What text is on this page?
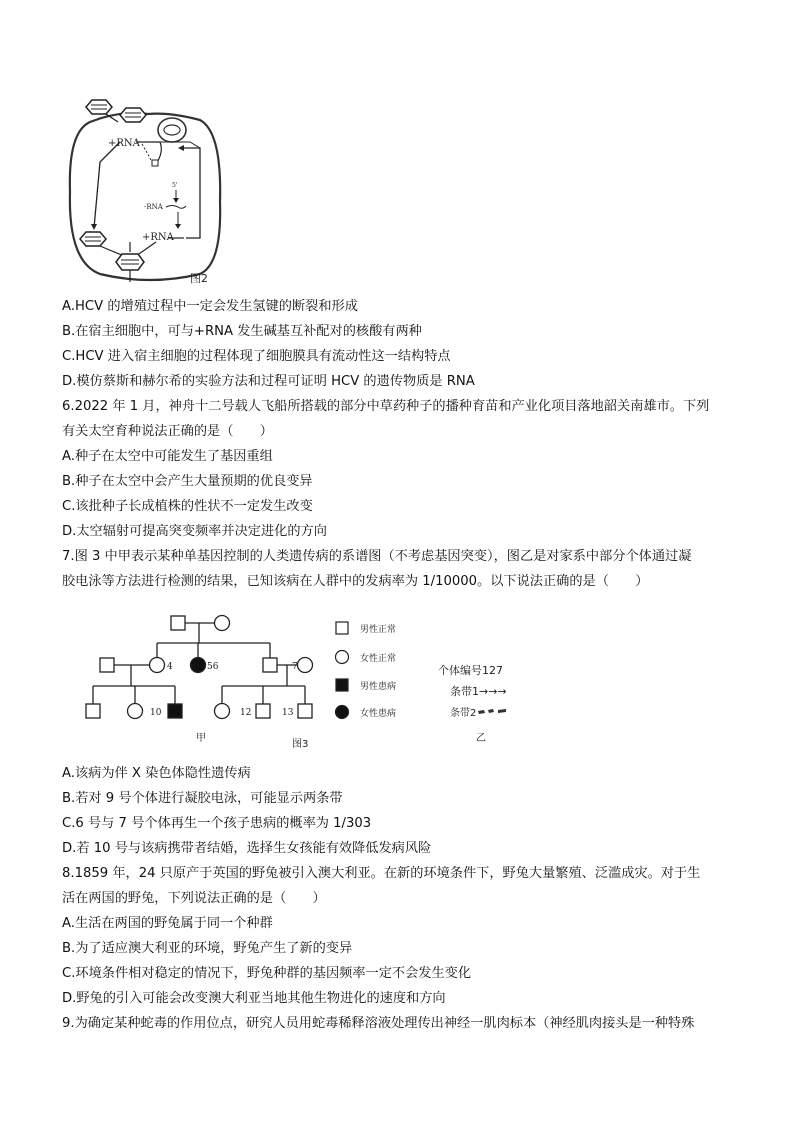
+RNA
5'
-RNA
+RNA
图2
A.HCV 的增殖过程中一定会发生氢键的断裂和形成
B.在宿主细胞中，可与+RNA 发生碱基互补配对的核酸有两种
C.HCV 进入宿主细胞的过程体现了细胞膜具有流动性这一结构特点
D.模仿蔡斯和赫尔希的实验方法和过程可证明 HCV 的遗传物质是 RNA
6.2022 年 1 月，神舟十二号载人飞船所搭载的部分中草药种子的播种育苗和产业化项目落地韶关南雄市。下列
有关太空育种说法正确的是（　　）
A.种子在太空中可能发生了基因重组
B.种子在太空中会产生大量预期的优良变异
C.该批种子长成植株的性状不一定发生改变
D.太空辐射可提高突变频率并决定进化的方向
7.图 3 中甲表示某种单基因控制的人类遗传病的系谱图（不考虑基因突变），图乙是对家系中部分个体通过凝
胶电泳等方法进行检测的结果，已知该病在人群中的发病率为 1/10000。以下说法正确的是（　　）
4	56	7
10	12	13
男性正常
女性正常
男性患病
女性患病
个体编号127
条带1→→→
条带2
甲
图3
乙
A.该病为伴 X 染色体隐性遗传病
B.若对 9 号个体进行凝胶电泳，可能显示两条带
C.6 号与 7 号个体再生一个孩子患病的概率为 1/303
D.若 10 号与该病携带者结婚，选择生女孩能有效降低发病风险
8.1859 年，24 只原产于英国的野兔被引入澳大利亚。在新的环境条件下，野兔大量繁殖、泛滥成灾。对于生
活在两国的野兔，下列说法正确的是（　　）
A.生活在两国的野兔属于同一个种群
B.为了适应澳大利亚的环境，野兔产生了新的变异
C.环境条件相对稳定的情况下，野兔种群的基因频率一定不会发生变化
D.野兔的引入可能会改变澳大利亚当地其他生物进化的速度和方向
9.为确定某种蛇毒的作用位点，研究人员用蛇毒稀释溶液处理传出神经一肌肉标本（神经肌肉接头是一种特殊
